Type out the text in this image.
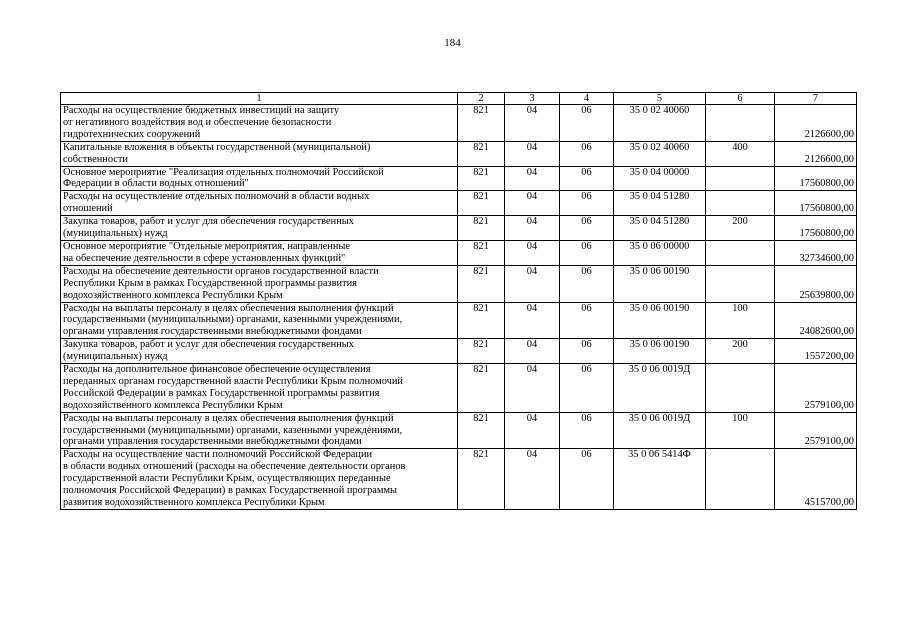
184
1	2	3	4	5	6	7
Расходы на осуществление бюджетных инвестиций на защиту
от негативного воздействия вод и обеспечение безопасности
гидротехнических сооружений	821	04	06	35 0 02 40060		2126600,00
Капитальные вложения в объекты государственной (муниципальной)
собственности	821	04	06	35 0 02 40060	400	2126600,00
Основное мероприятие "Реализация отдельных полномочий Российской
Федерации в области водных отношений"	821	04	06	35 0 04 00000		17560800,00
Расходы на осуществление отдельных полномочий в области водных
отношений	821	04	06	35 0 04 51280		17560800,00
Закупка товаров, работ и услуг для обеспечения государственных
(муниципальных) нужд	821	04	06	35 0 04 51280	200	17560800,00
Основное мероприятие "Отдельные мероприятия, направленные
на обеспечение деятельности в сфере установленных функций"	821	04	06	35 0 06 00000		32734600,00
Расходы на обеспечение деятельности органов государственной власти
Республики Крым в рамках Государственной программы развития
водохозяйственного комплекса Республики Крым	821	04	06	35 0 06 00190		25639800,00
Расходы на выплаты персоналу в целях обеспечения выполнения функций
государственными (муниципальными) органами, казенными учреждениями,
органами управления государственными внебюджетными фондами	821	04	06	35 0 06 00190	100	24082600,00
Закупка товаров, работ и услуг для обеспечения государственных
(муниципальных) нужд	821	04	06	35 0 06 00190	200	1557200,00
Расходы на дополнительное финансовое обеспечение осуществления
переданных органам государственной власти Республики Крым полномочий
Российской Федерации в рамках Государственной программы развития
водохозяйственного комплекса Республики Крым	821	04	06	35 0 06 0019Д		2579100,00
Расходы на выплаты персоналу в целях обеспечения выполнения функций
государственными (муниципальными) органами, казенными учреждениями,
органами управления государственными внебюджетными фондами	821	04	06	35 0 06 0019Д	100	2579100,00
Расходы на осуществление части полномочий Российской Федерации
в области водных отношений (расходы на обеспечение деятельности органов
государственной власти Республики Крым, осуществляющих переданные
полномочия Российской Федерации) в рамках Государственной программы
развития водохозяйственного комплекса Республики Крым	821	04	06	35 0 06 5414Ф		4515700,00
